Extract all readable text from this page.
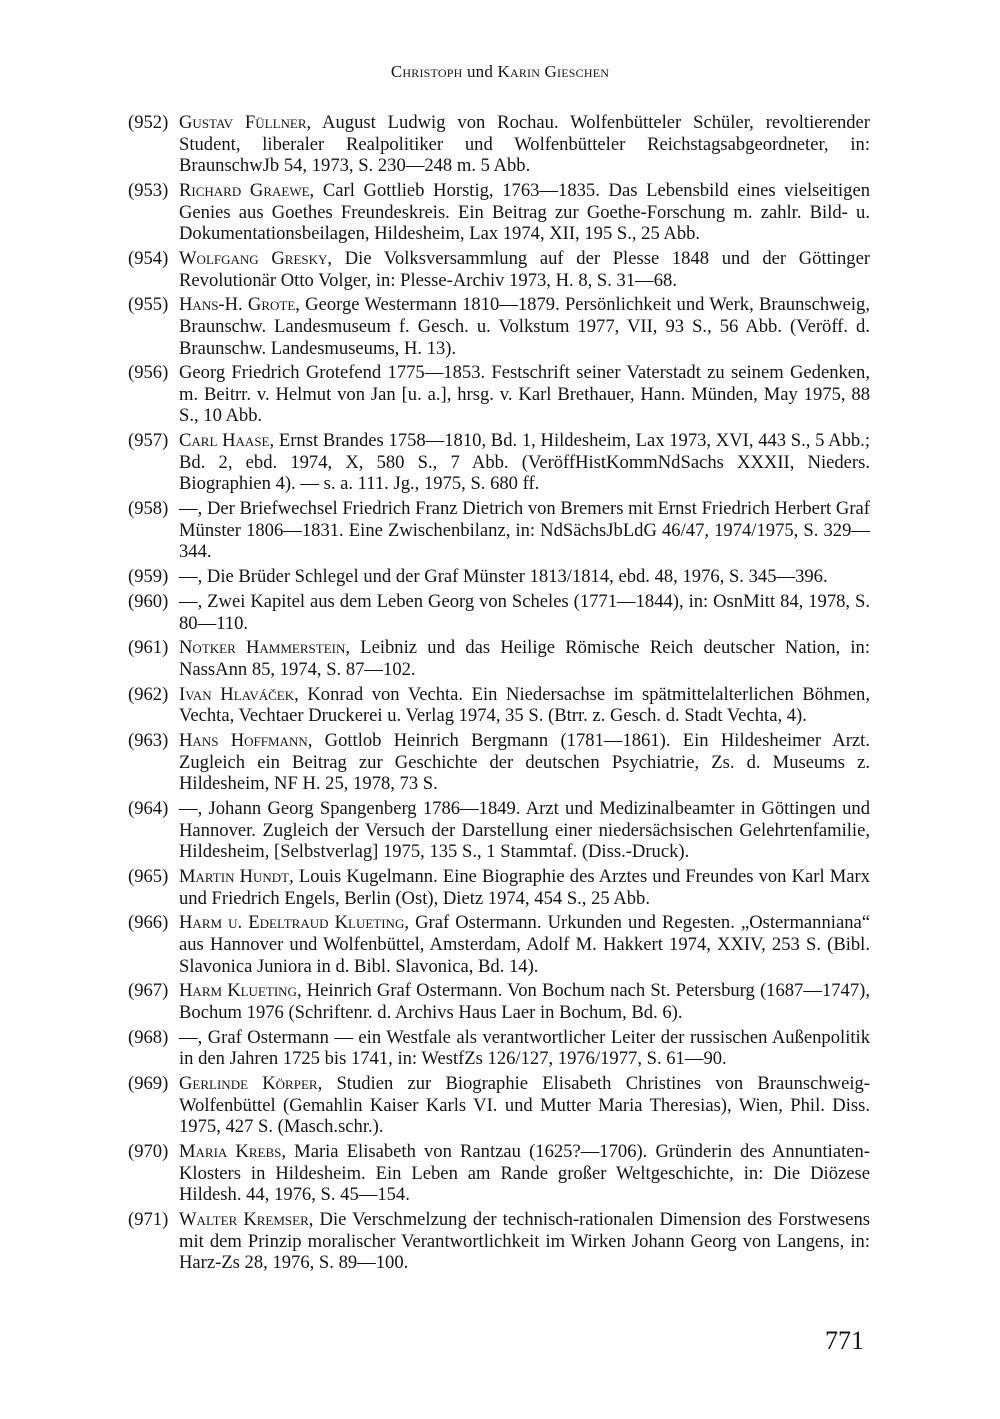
Christoph und Karin Gieschen
(952) Gustav Füllner, August Ludwig von Rochau. Wolfenbütteler Schüler, revoltierender Student, liberaler Realpolitiker und Wolfenbütteler Reichstagsabgeordneter, in: BraunschwJb 54, 1973, S. 230—248 m. 5 Abb.
(953) Richard Graewe, Carl Gottlieb Horstig, 1763—1835. Das Lebensbild eines vielseitigen Genies aus Goethes Freundeskreis. Ein Beitrag zur Goethe-Forschung m. zahlr. Bild- u. Dokumentationsbeilagen, Hildesheim, Lax 1974, XII, 195 S., 25 Abb.
(954) Wolfgang Gresky, Die Volksversammlung auf der Plesse 1848 und der Göttinger Revolutionär Otto Volger, in: Plesse-Archiv 1973, H. 8, S. 31—68.
(955) Hans-H. Grote, George Westermann 1810—1879. Persönlichkeit und Werk, Braunschweig, Braunschw. Landesmuseum f. Gesch. u. Volkstum 1977, VII, 93 S., 56 Abb. (Veröff. d. Braunschw. Landesmuseums, H. 13).
(956) Georg Friedrich Grotefend 1775—1853. Festschrift seiner Vaterstadt zu seinem Gedenken, m. Beitrr. v. Helmut von Jan [u. a.], hrsg. v. Karl Brethauer, Hann. Münden, May 1975, 88 S., 10 Abb.
(957) Carl Haase, Ernst Brandes 1758—1810, Bd. 1, Hildesheim, Lax 1973, XVI, 443 S., 5 Abb.; Bd. 2, ebd. 1974, X, 580 S., 7 Abb. (VeröffHistKommNdSachs XXXII, Nieders. Biographien 4). — s. a. 111. Jg., 1975, S. 680 ff.
(958) —, Der Briefwechsel Friedrich Franz Dietrich von Bremers mit Ernst Friedrich Herbert Graf Münster 1806—1831. Eine Zwischenbilanz, in: NdSächsJbLdG 46/47, 1974/1975, S. 329—344.
(959) —, Die Brüder Schlegel und der Graf Münster 1813/1814, ebd. 48, 1976, S. 345—396.
(960) —, Zwei Kapitel aus dem Leben Georg von Scheles (1771—1844), in: OsnMitt 84, 1978, S. 80—110.
(961) Notker Hammerstein, Leibniz und das Heilige Römische Reich deutscher Nation, in: NassAnn 85, 1974, S. 87—102.
(962) Ivan Hlaváček, Konrad von Vechta. Ein Niedersachse im spätmittelalterlichen Böhmen, Vechta, Vechtaer Druckerei u. Verlag 1974, 35 S. (Btrr. z. Gesch. d. Stadt Vechta, 4).
(963) Hans Hoffmann, Gottlob Heinrich Bergmann (1781—1861). Ein Hildesheimer Arzt. Zugleich ein Beitrag zur Geschichte der deutschen Psychiatrie, Zs. d. Museums z. Hildesheim, NF H. 25, 1978, 73 S.
(964) —, Johann Georg Spangenberg 1786—1849. Arzt und Medizinalbeamter in Göttingen und Hannover. Zugleich der Versuch der Darstellung einer niedersächsischen Gelehrtenfamilie, Hildesheim, [Selbstverlag] 1975, 135 S., 1 Stammtaf. (Diss.-Druck).
(965) Martin Hundt, Louis Kugelmann. Eine Biographie des Arztes und Freundes von Karl Marx und Friedrich Engels, Berlin (Ost), Dietz 1974, 454 S., 25 Abb.
(966) Harm u. Edeltraud Klueting, Graf Ostermann. Urkunden und Regesten. „Ostermanniana“ aus Hannover und Wolfenbüttel, Amsterdam, Adolf M. Hakkert 1974, XXIV, 253 S. (Bibl. Slavonica Juniora in d. Bibl. Slavonica, Bd. 14).
(967) Harm Klueting, Heinrich Graf Ostermann. Von Bochum nach St. Petersburg (1687—1747), Bochum 1976 (Schriftenr. d. Archivs Haus Laer in Bochum, Bd. 6).
(968) —, Graf Ostermann — ein Westfale als verantwortlicher Leiter der russischen Außenpolitik in den Jahren 1725 bis 1741, in: WestfZs 126/127, 1976/1977, S. 61—90.
(969) Gerlinde Körper, Studien zur Biographie Elisabeth Christines von Braunschweig-Wolfenbüttel (Gemahlin Kaiser Karls VI. und Mutter Maria Theresias), Wien, Phil. Diss. 1975, 427 S. (Masch.schr.).
(970) Maria Krebs, Maria Elisabeth von Rantzau (1625?—1706). Gründerin des Annuntiaten-Klosters in Hildesheim. Ein Leben am Rande großer Weltgeschichte, in: Die Diözese Hildesh. 44, 1976, S. 45—154.
(971) Walter Kremser, Die Verschmelzung der technisch-rationalen Dimension des Forstwesens mit dem Prinzip moralischer Verantwortlichkeit im Wirken Johann Georg von Langens, in: Harz-Zs 28, 1976, S. 89—100.
771
